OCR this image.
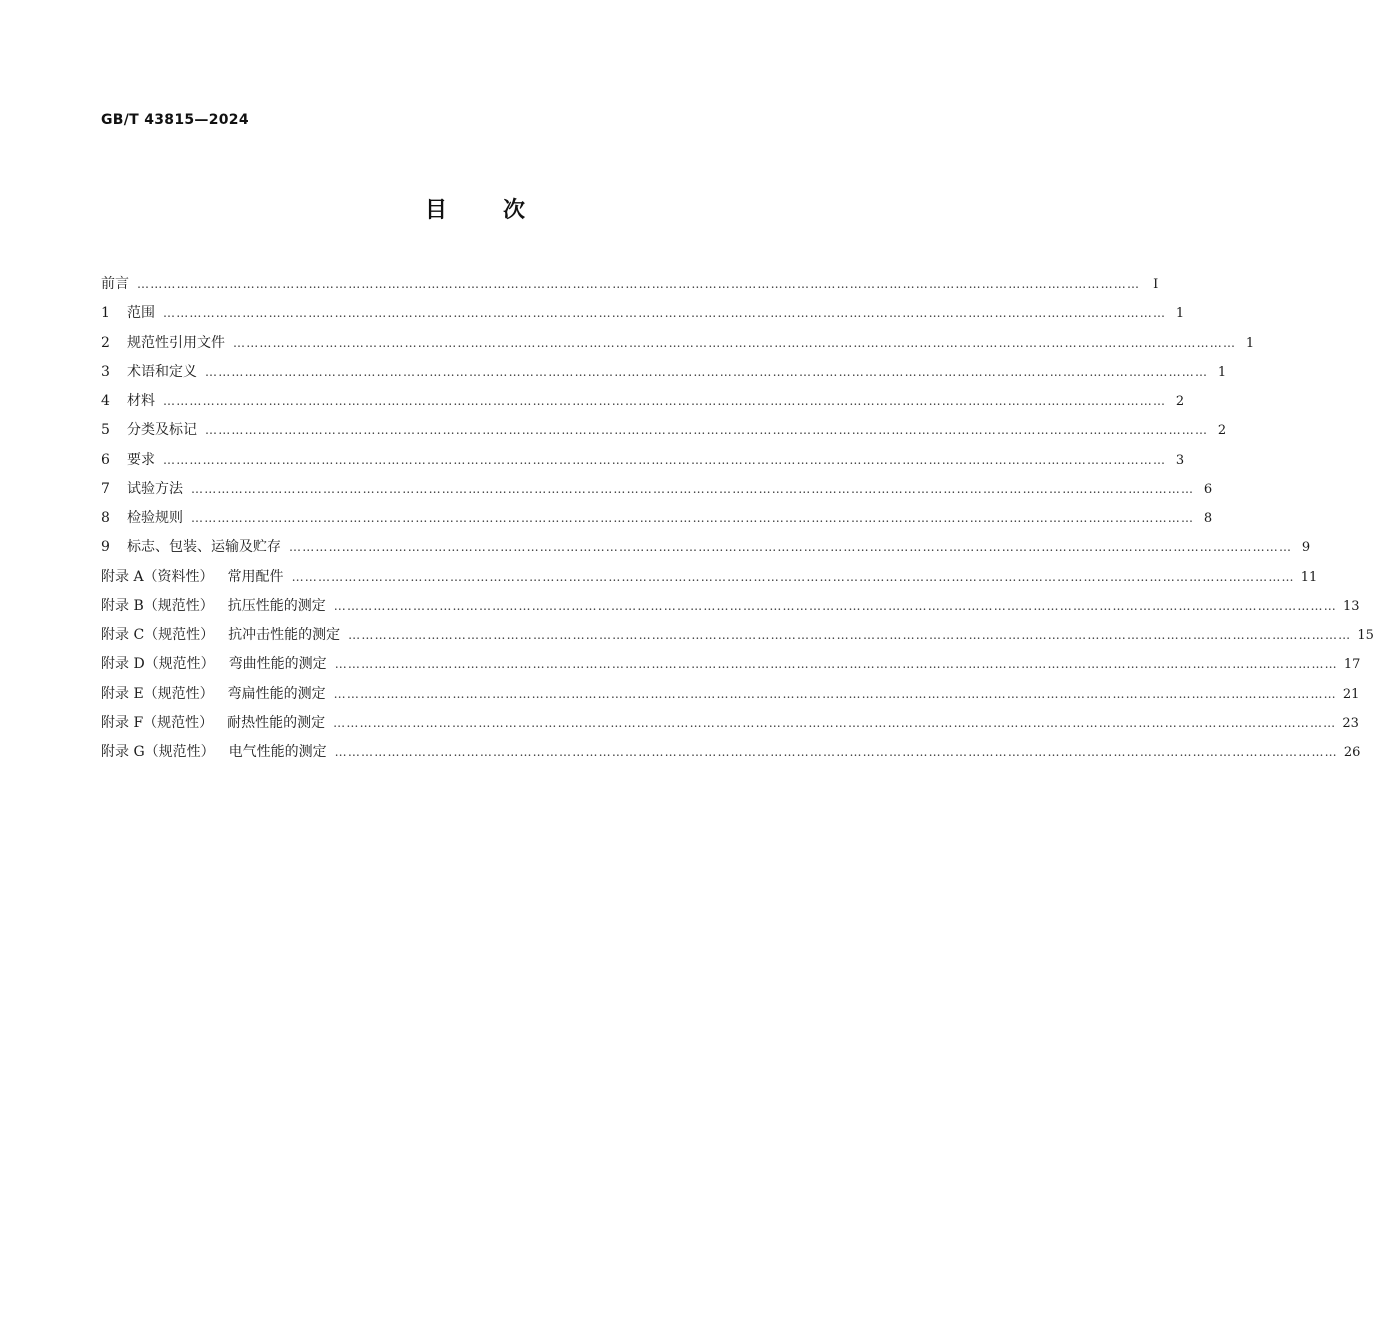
GB/T 43815—2024
目	次
前言 ………………………………………………………………………………………………………………………………………………………………………………………………………… Ⅰ
1	范围 ………………………………………………………………………………………………………………………………………………………………………………………………………… 1
2	规范性引用文件 ………………………………………………………………………………………………………………………………………………………………………………………………………… 1
3	术语和定义 ………………………………………………………………………………………………………………………………………………………………………………………………………… 1
4	材料 ………………………………………………………………………………………………………………………………………………………………………………………………………… 2
5	分类及标记 ………………………………………………………………………………………………………………………………………………………………………………………………………… 2
6	要求 ………………………………………………………………………………………………………………………………………………………………………………………………………… 3
7	试验方法 ………………………………………………………………………………………………………………………………………………………………………………………………………… 6
8	检验规则 ………………………………………………………………………………………………………………………………………………………………………………………………………… 8
9	标志、包装、运输及贮存 ………………………………………………………………………………………………………………………………………………………………………………………………………… 9
附录 A（资料性） 常用配件 ………………………………………………………………………………………………………………………………………………………………………………………………………… 11
附录 B（规范性） 抗压性能的测定 ………………………………………………………………………………………………………………………………………………………………………………………………………… 13
附录 C（规范性） 抗冲击性能的测定 ………………………………………………………………………………………………………………………………………………………………………………………………………… 15
附录 D（规范性） 弯曲性能的测定 ………………………………………………………………………………………………………………………………………………………………………………………………………… 17
附录 E（规范性） 弯扁性能的测定 ………………………………………………………………………………………………………………………………………………………………………………………………………… 21
附录 F（规范性） 耐热性能的测定 ………………………………………………………………………………………………………………………………………………………………………………………………………… 23
附录 G（规范性） 电气性能的测定 ………………………………………………………………………………………………………………………………………………………………………………………………………… 26
